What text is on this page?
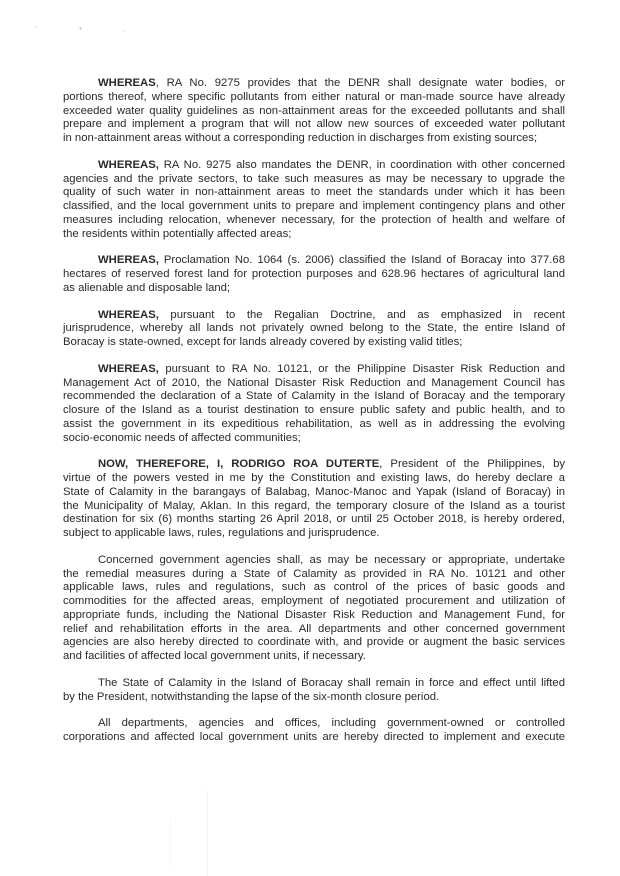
' • ,
WHEREAS, RA No. 9275 provides that the DENR shall designate water bodies, or
portions thereof, where specific pollutants from either natural or man-made source have already
exceeded water quality guidelines as non-attainment areas for the exceeded pollutants and shall
prepare and implement a program that will not allow new sources of exceeded water pollutant
in non-attainment areas without a corresponding reduction in discharges from existing sources;
WHEREAS, RA No. 9275 also mandates the DENR, in coordination with other concerned
agencies and the private sectors, to take such measures as may be necessary to upgrade the
quality of such water in non-attainment areas to meet the standards under which it has been
classified, and the local government units to prepare and implement contingency plans and other
measures including relocation, whenever necessary, for the protection of health and welfare of
the residents within potentially affected areas;
WHEREAS, Proclamation No. 1064 (s. 2006) classified the Island of Boracay into 377.68
hectares of reserved forest land for protection purposes and 628.96 hectares of agricultural land
as alienable and disposable land;
WHEREAS, pursuant to the Regalian Doctrine, and as emphasized in recent
jurisprudence, whereby all lands not privately owned belong to the State, the entire Island of
Boracay is state-owned, except for lands already covered by existing valid titles;
WHEREAS, pursuant to RA No. 10121, or the Philippine Disaster Risk Reduction and
Management Act of 2010, the National Disaster Risk Reduction and Management Council has
recommended the declaration of a State of Calamity in the Island of Boracay and the temporary
closure of the Island as a tourist destination to ensure public safety and public health, and to
assist the government in its expeditious rehabilitation, as well as in addressing the evolving
socio-economic needs of affected communities;
NOW, THEREFORE, I, RODRIGO ROA DUTERTE, President of the Philippines, by
virtue of the powers vested in me by the Constitution and existing laws, do hereby declare a
State of Calamity in the barangays of Balabag, Manoc-Manoc and Yapak (Island of Boracay) in
the Municipality of Malay, Aklan. In this regard, the temporary closure of the Island as a tourist
destination for six (6) months starting 26 April 2018, or until 25 October 2018, is hereby ordered,
subject to applicable laws, rules, regulations and jurisprudence.
Concerned government agencies shall, as may be necessary or appropriate, undertake
the remedial measures during a State of Calamity as provided in RA No. 10121 and other
applicable laws, rules and regulations, such as control of the prices of basic goods and
commodities for the affected areas, employment of negotiated procurement and utilization of
appropriate funds, including the National Disaster Risk Reduction and Management Fund, for
relief and rehabilitation efforts in the area. All departments and other concerned government
agencies are also hereby directed to coordinate with, and provide or augment the basic services
and facilities of affected local government units, if necessary.
The State of Calamity in the Island of Boracay shall remain in force and effect until lifted
by the President, notwithstanding the lapse of the six-month closure period.
All departments, agencies and offices, including government-owned or controlled
corporations and affected local government units are hereby directed to implement and execute
